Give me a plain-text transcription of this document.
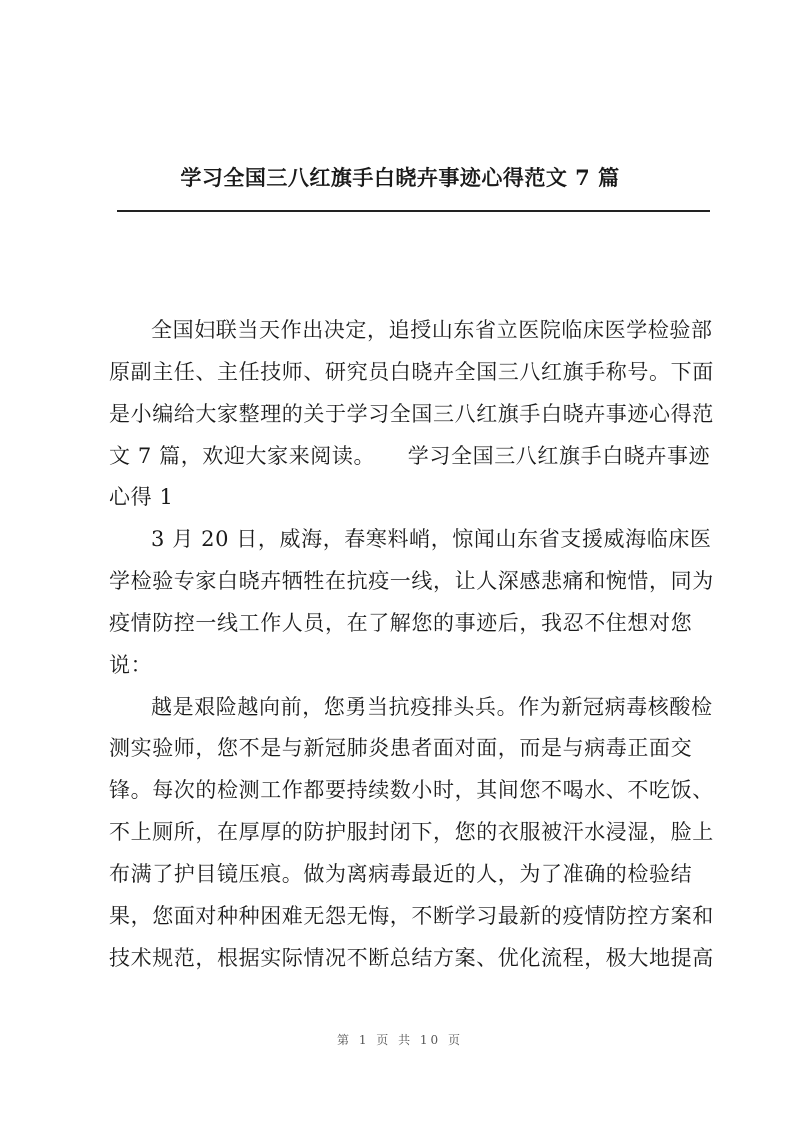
学习全国三八红旗手白晓卉事迹心得范文 7 篇
全国妇联当天作出决定，追授山东省立医院临床医学检验部
原副主任、主任技师、研究员白晓卉全国三八红旗手称号。下面
是小编给大家整理的关于学习全国三八红旗手白晓卉事迹心得范
文 7 篇，欢迎大家来阅读。　　学习全国三八红旗手白晓卉事迹
心得 1
3 月 20 日，威海，春寒料峭，惊闻山东省支援威海临床医
学检验专家白晓卉牺牲在抗疫一线，让人深感悲痛和惋惜，同为
疫情防控一线工作人员，在了解您的事迹后，我忍不住想对您
说：
越是艰险越向前，您勇当抗疫排头兵。作为新冠病毒核酸检
测实验师，您不是与新冠肺炎患者面对面，而是与病毒正面交
锋。每次的检测工作都要持续数小时，其间您不喝水、不吃饭、
不上厕所，在厚厚的防护服封闭下，您的衣服被汗水浸湿，脸上
布满了护目镜压痕。做为离病毒最近的人，为了准确的检验结
果，您面对种种困难无怨无悔，不断学习最新的疫情防控方案和
技术规范，根据实际情况不断总结方案、优化流程，极大地提高
第 1 页 共 10 页
